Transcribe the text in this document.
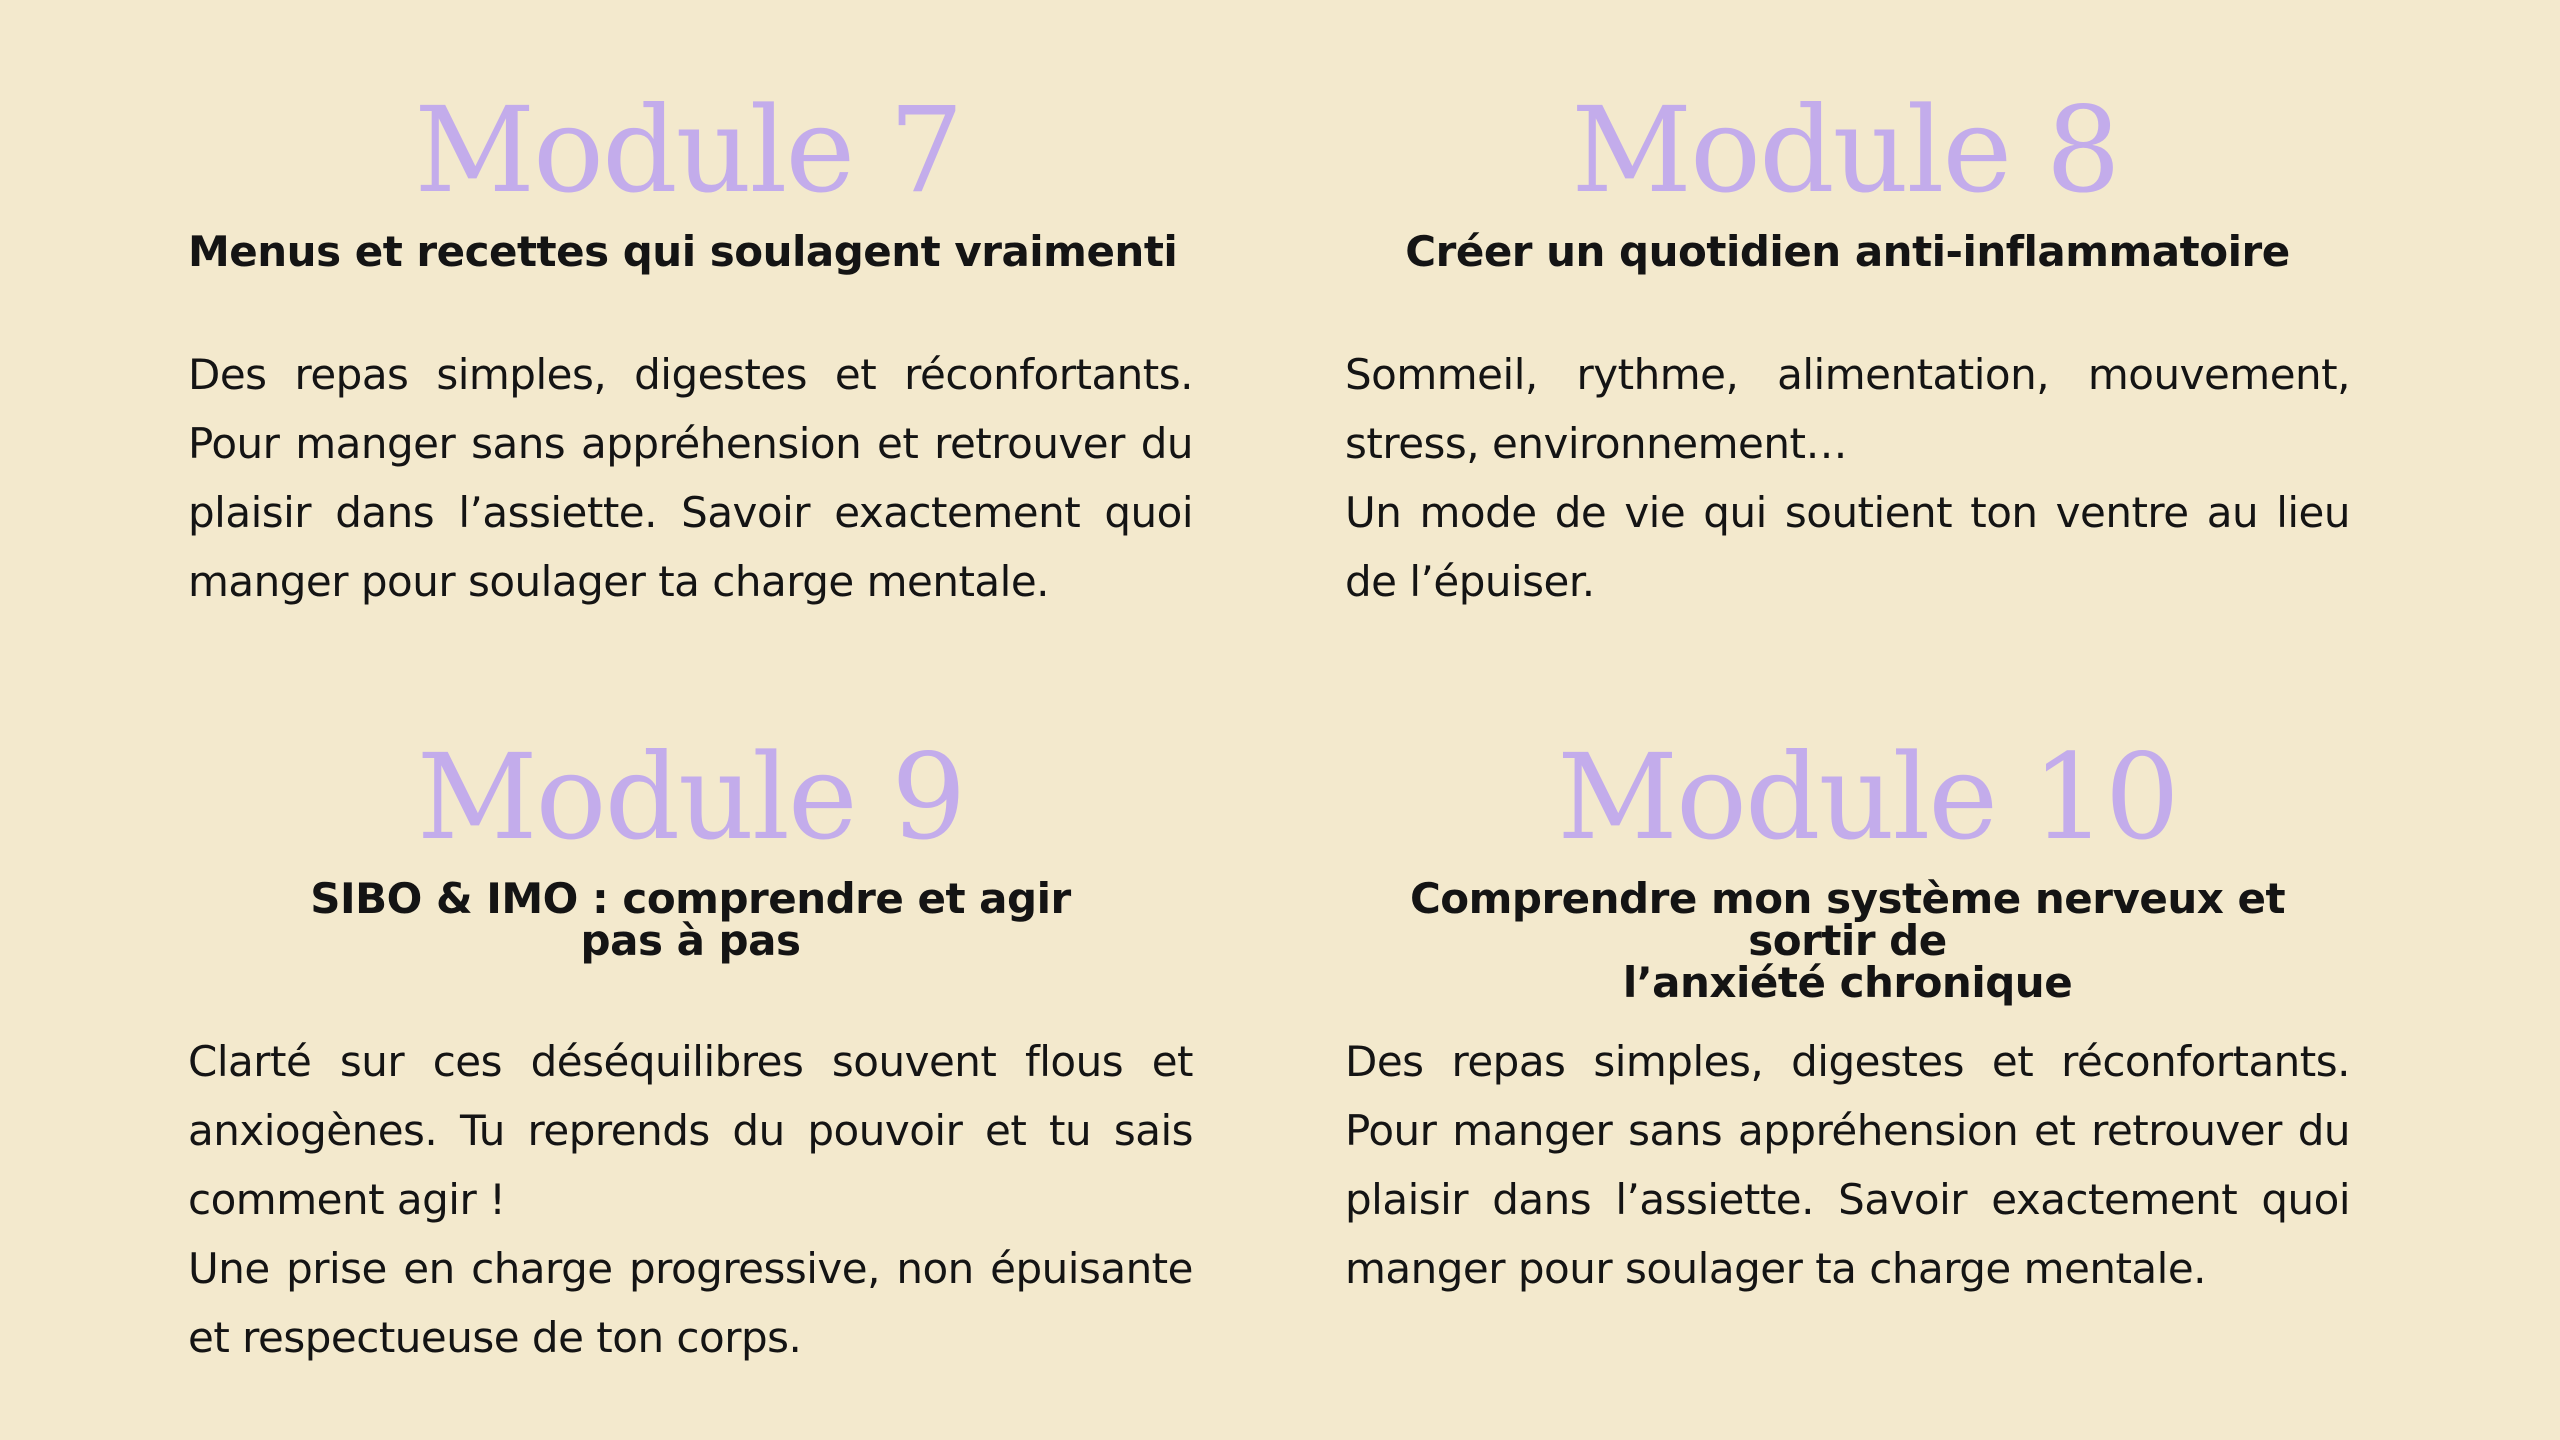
Module 7
Menus et recettes qui soulagent vraimenti
Des repas simples, digestes et réconfortants. Pour manger sans appréhension et retrouver du plaisir dans l’assiette. Savoir exactement quoi manger pour soulager ta charge mentale.
Module 8
Créer un quotidien anti-inflammatoire
Sommeil, rythme, alimentation, mouvement, stress, environnement…
Un mode de vie qui soutient ton ventre au lieu de l’épuiser.
Module 9
SIBO & IMO : comprendre et agir
pas à pas
Clarté sur ces déséquilibres souvent flous et anxiogènes. Tu reprends du pouvoir et tu sais comment agir !
Une prise en charge progressive, non épuisante et respectueuse de ton corps.
Module 10
Comprendre mon système nerveux et sortir de
l’anxiété chronique
Des repas simples, digestes et réconfortants. Pour manger sans appréhension et retrouver du plaisir dans l’assiette. Savoir exactement quoi manger pour soulager ta charge mentale.
